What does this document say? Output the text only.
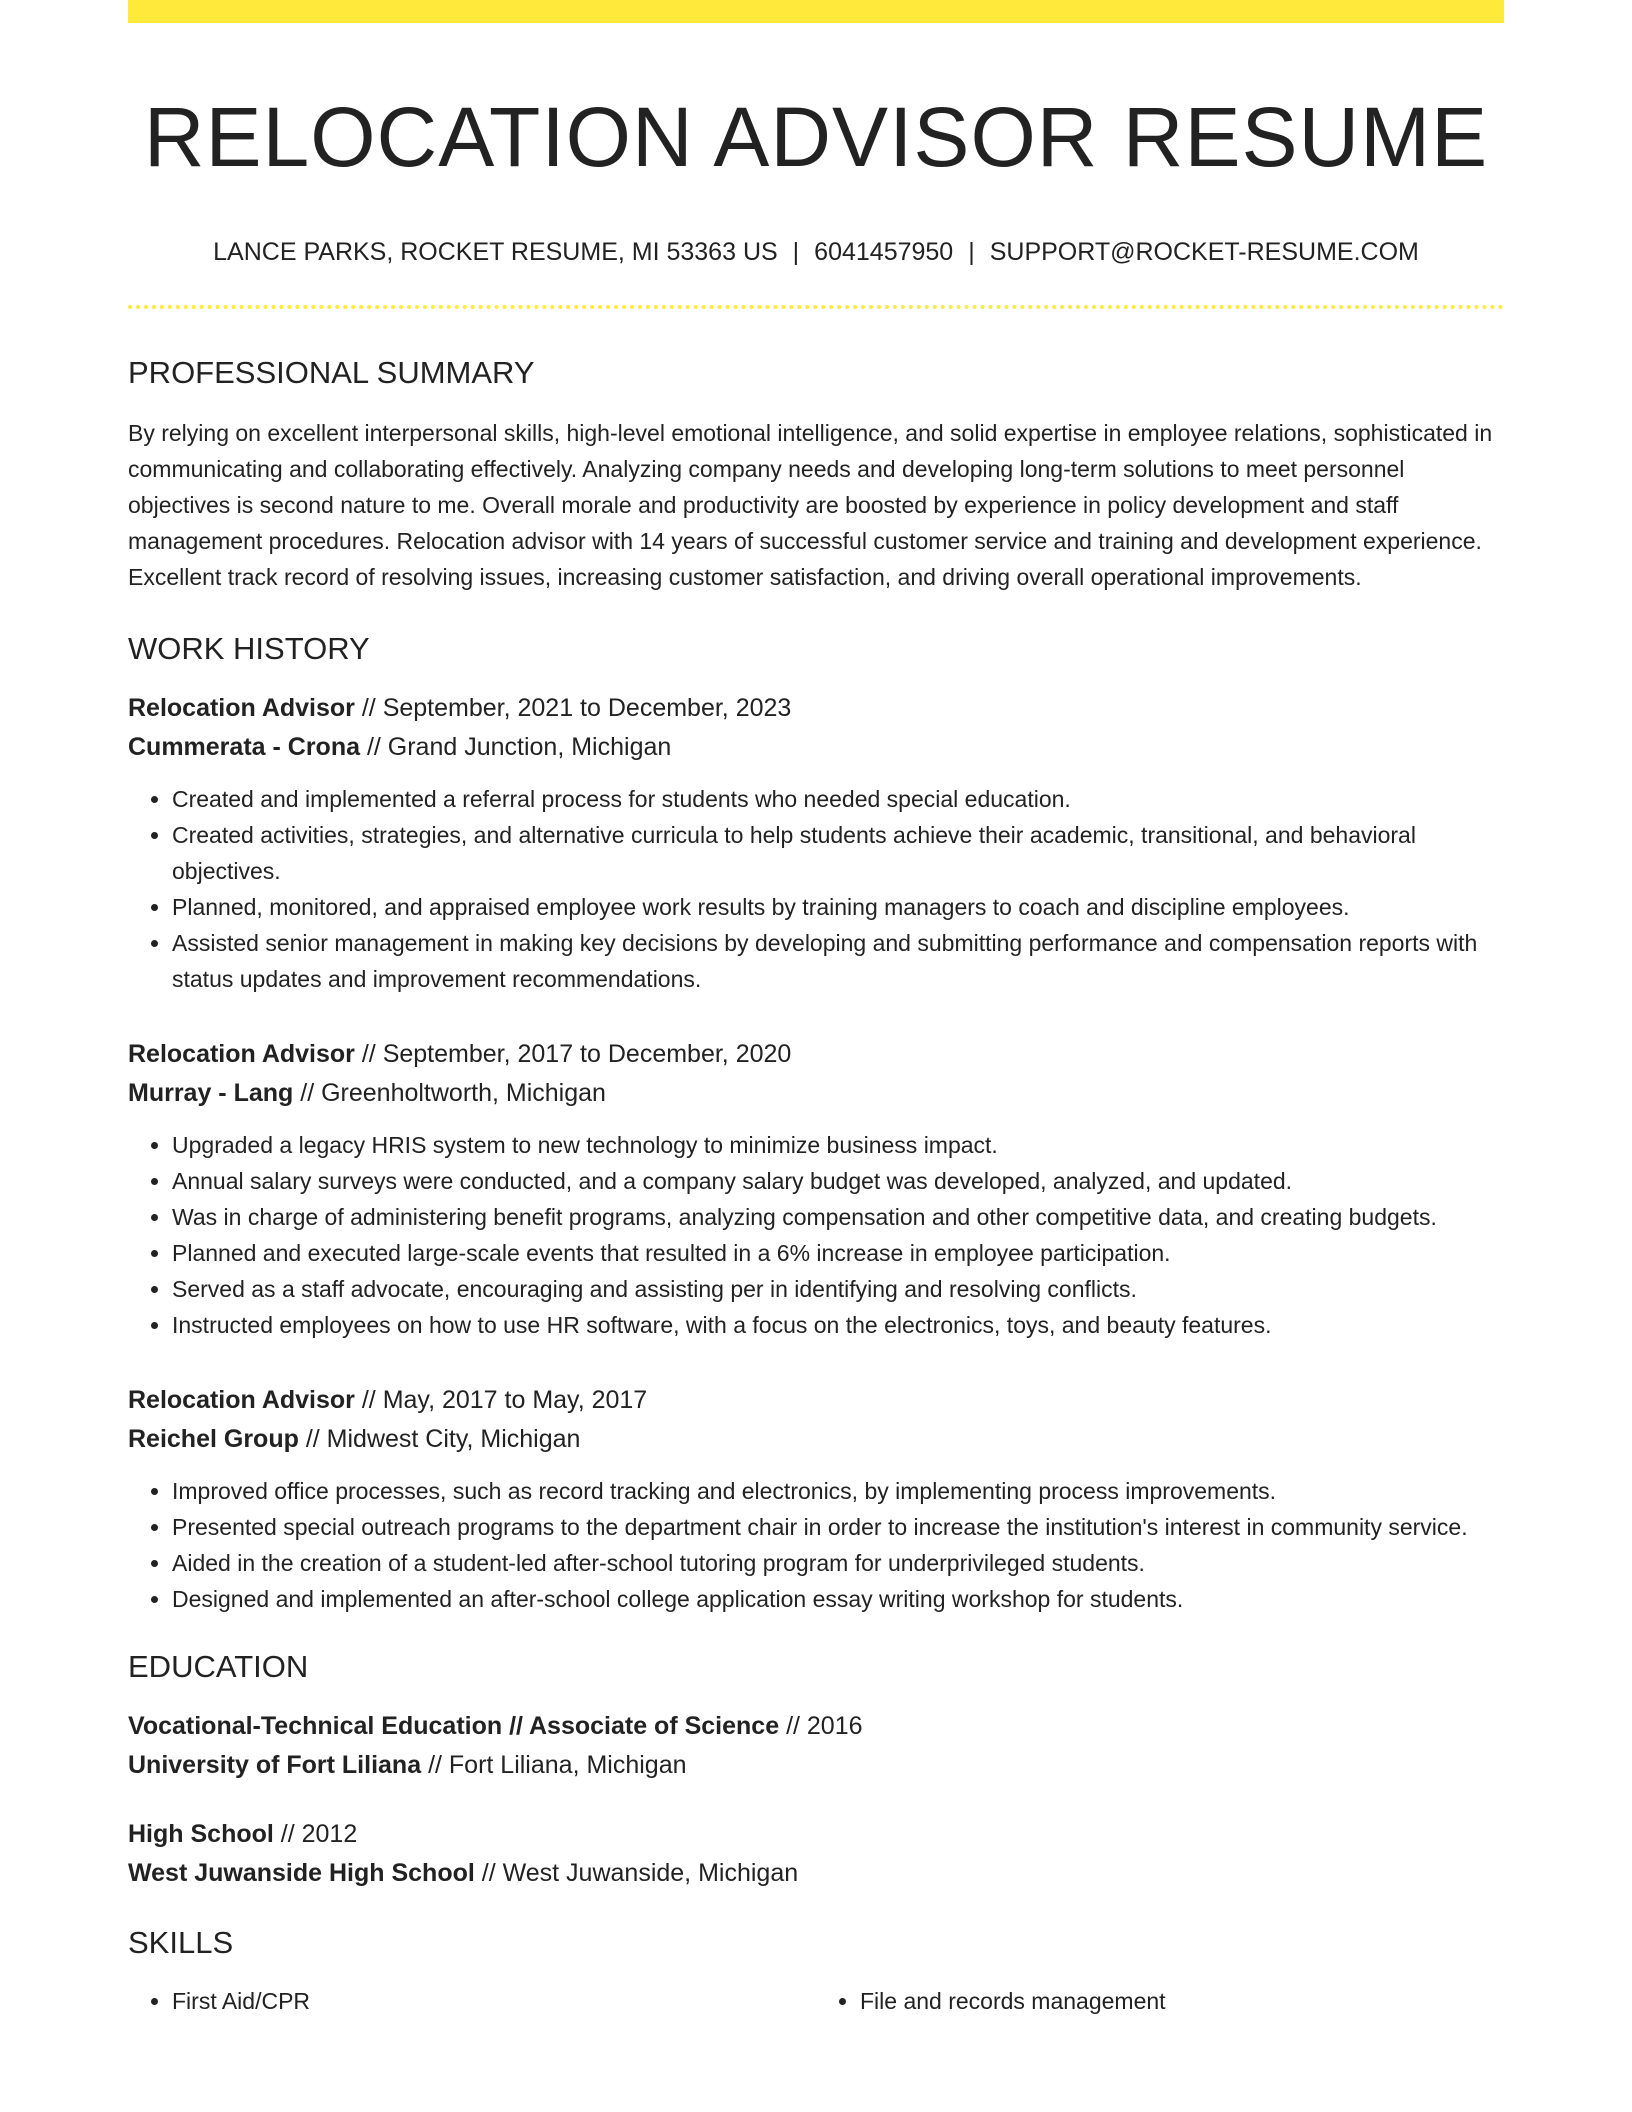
RELOCATION ADVISOR RESUME
LANCE PARKS, ROCKET RESUME, MI 53363 US | 6041457950 | SUPPORT@ROCKET-RESUME.COM
PROFESSIONAL SUMMARY

By relying on excellent interpersonal skills, high-level emotional intelligence, and solid expertise in employee relations, sophisticated in communicating and collaborating effectively. Analyzing company needs and developing long-term solutions to meet personnel objectives is second nature to me. Overall morale and productivity are boosted by experience in policy development and staff management procedures. Relocation advisor with 14 years of successful customer service and training and development experience. Excellent track record of resolving issues, increasing customer satisfaction, and driving overall operational improvements.

WORK HISTORY
Relocation Advisor // September, 2021 to December, 2023
Cummerata - Crona // Grand Junction, Michigan
• Created and implemented a referral process for students who needed special education.
• Created activities, strategies, and alternative curricula to help students achieve their academic, transitional, and behavioral objectives.
• Planned, monitored, and appraised employee work results by training managers to coach and discipline employees.
• Assisted senior management in making key decisions by developing and submitting performance and compensation reports with status updates and improvement recommendations.
Relocation Advisor // September, 2017 to December, 2020
Murray - Lang // Greenholtworth, Michigan
• Upgraded a legacy HRIS system to new technology to minimize business impact.
• Annual salary surveys were conducted, and a company salary budget was developed, analyzed, and updated.
• Was in charge of administering benefit programs, analyzing compensation and other competitive data, and creating budgets.
• Planned and executed large-scale events that resulted in a 6% increase in employee participation.
• Served as a staff advocate, encouraging and assisting per in identifying and resolving conflicts.
• Instructed employees on how to use HR software, with a focus on the electronics, toys, and beauty features.
Relocation Advisor // May, 2017 to May, 2017
Reichel Group // Midwest City, Michigan
• Improved office processes, such as record tracking and electronics, by implementing process improvements.
• Presented special outreach programs to the department chair in order to increase the institution's interest in community service.
• Aided in the creation of a student-led after-school tutoring program for underprivileged students.
• Designed and implemented an after-school college application essay writing workshop for students.
EDUCATION
Vocational-Technical Education // Associate of Science // 2016
University of Fort Liliana // Fort Liliana, Michigan
High School // 2012
West Juwanside High School // West Juwanside, Michigan
SKILLS
• First Aid/CPR
•	File and records management
